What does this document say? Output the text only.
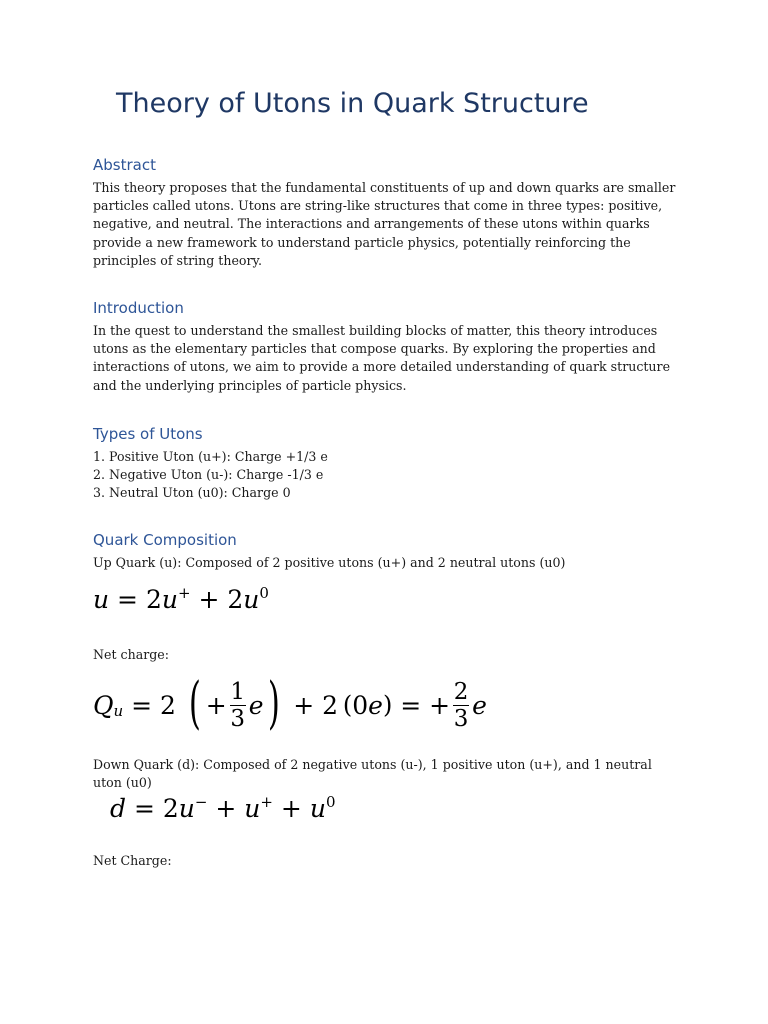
Theory of Utons in Quark Structure
Abstract

This theory proposes that the fundamental constituents of up and down quarks are smaller particles called utons. Utons are string-like structures that come in three types: positive, negative, and neutral. The interactions and arrangements of these utons within quarks provide a new framework to understand particle physics, potentially reinforcing the principles of string theory.

Introduction

In the quest to understand the smallest building blocks of matter, this theory introduces utons as the elementary particles that compose quarks. By exploring the properties and interactions of utons, we aim to provide a more detailed understanding of quark structure and the underlying principles of particle physics.

Types of Utons
1. Positive Uton (u+): Charge +1/3 e
2. Negative Uton (u-): Charge -1/3 e
3. Neutral Uton (u0): Charge 0
Quark Composition

Up Quark (u): Composed of 2 positive utons (u+) and 2 neutral utons (u0)

$u = 2u^+ + 2u^0$

Net charge:

Q u = 2 ( + $\frac{1}{3}$ e ) + 2  ( 0 e ) = + $\frac{2}{3}$ e

Down Quark (d): Composed of 2 negative utons (u-), 1 positive uton (u+), and 1 neutral uton (u0)

$d = 2u^- + u^+ + u^0$

Net Charge:
